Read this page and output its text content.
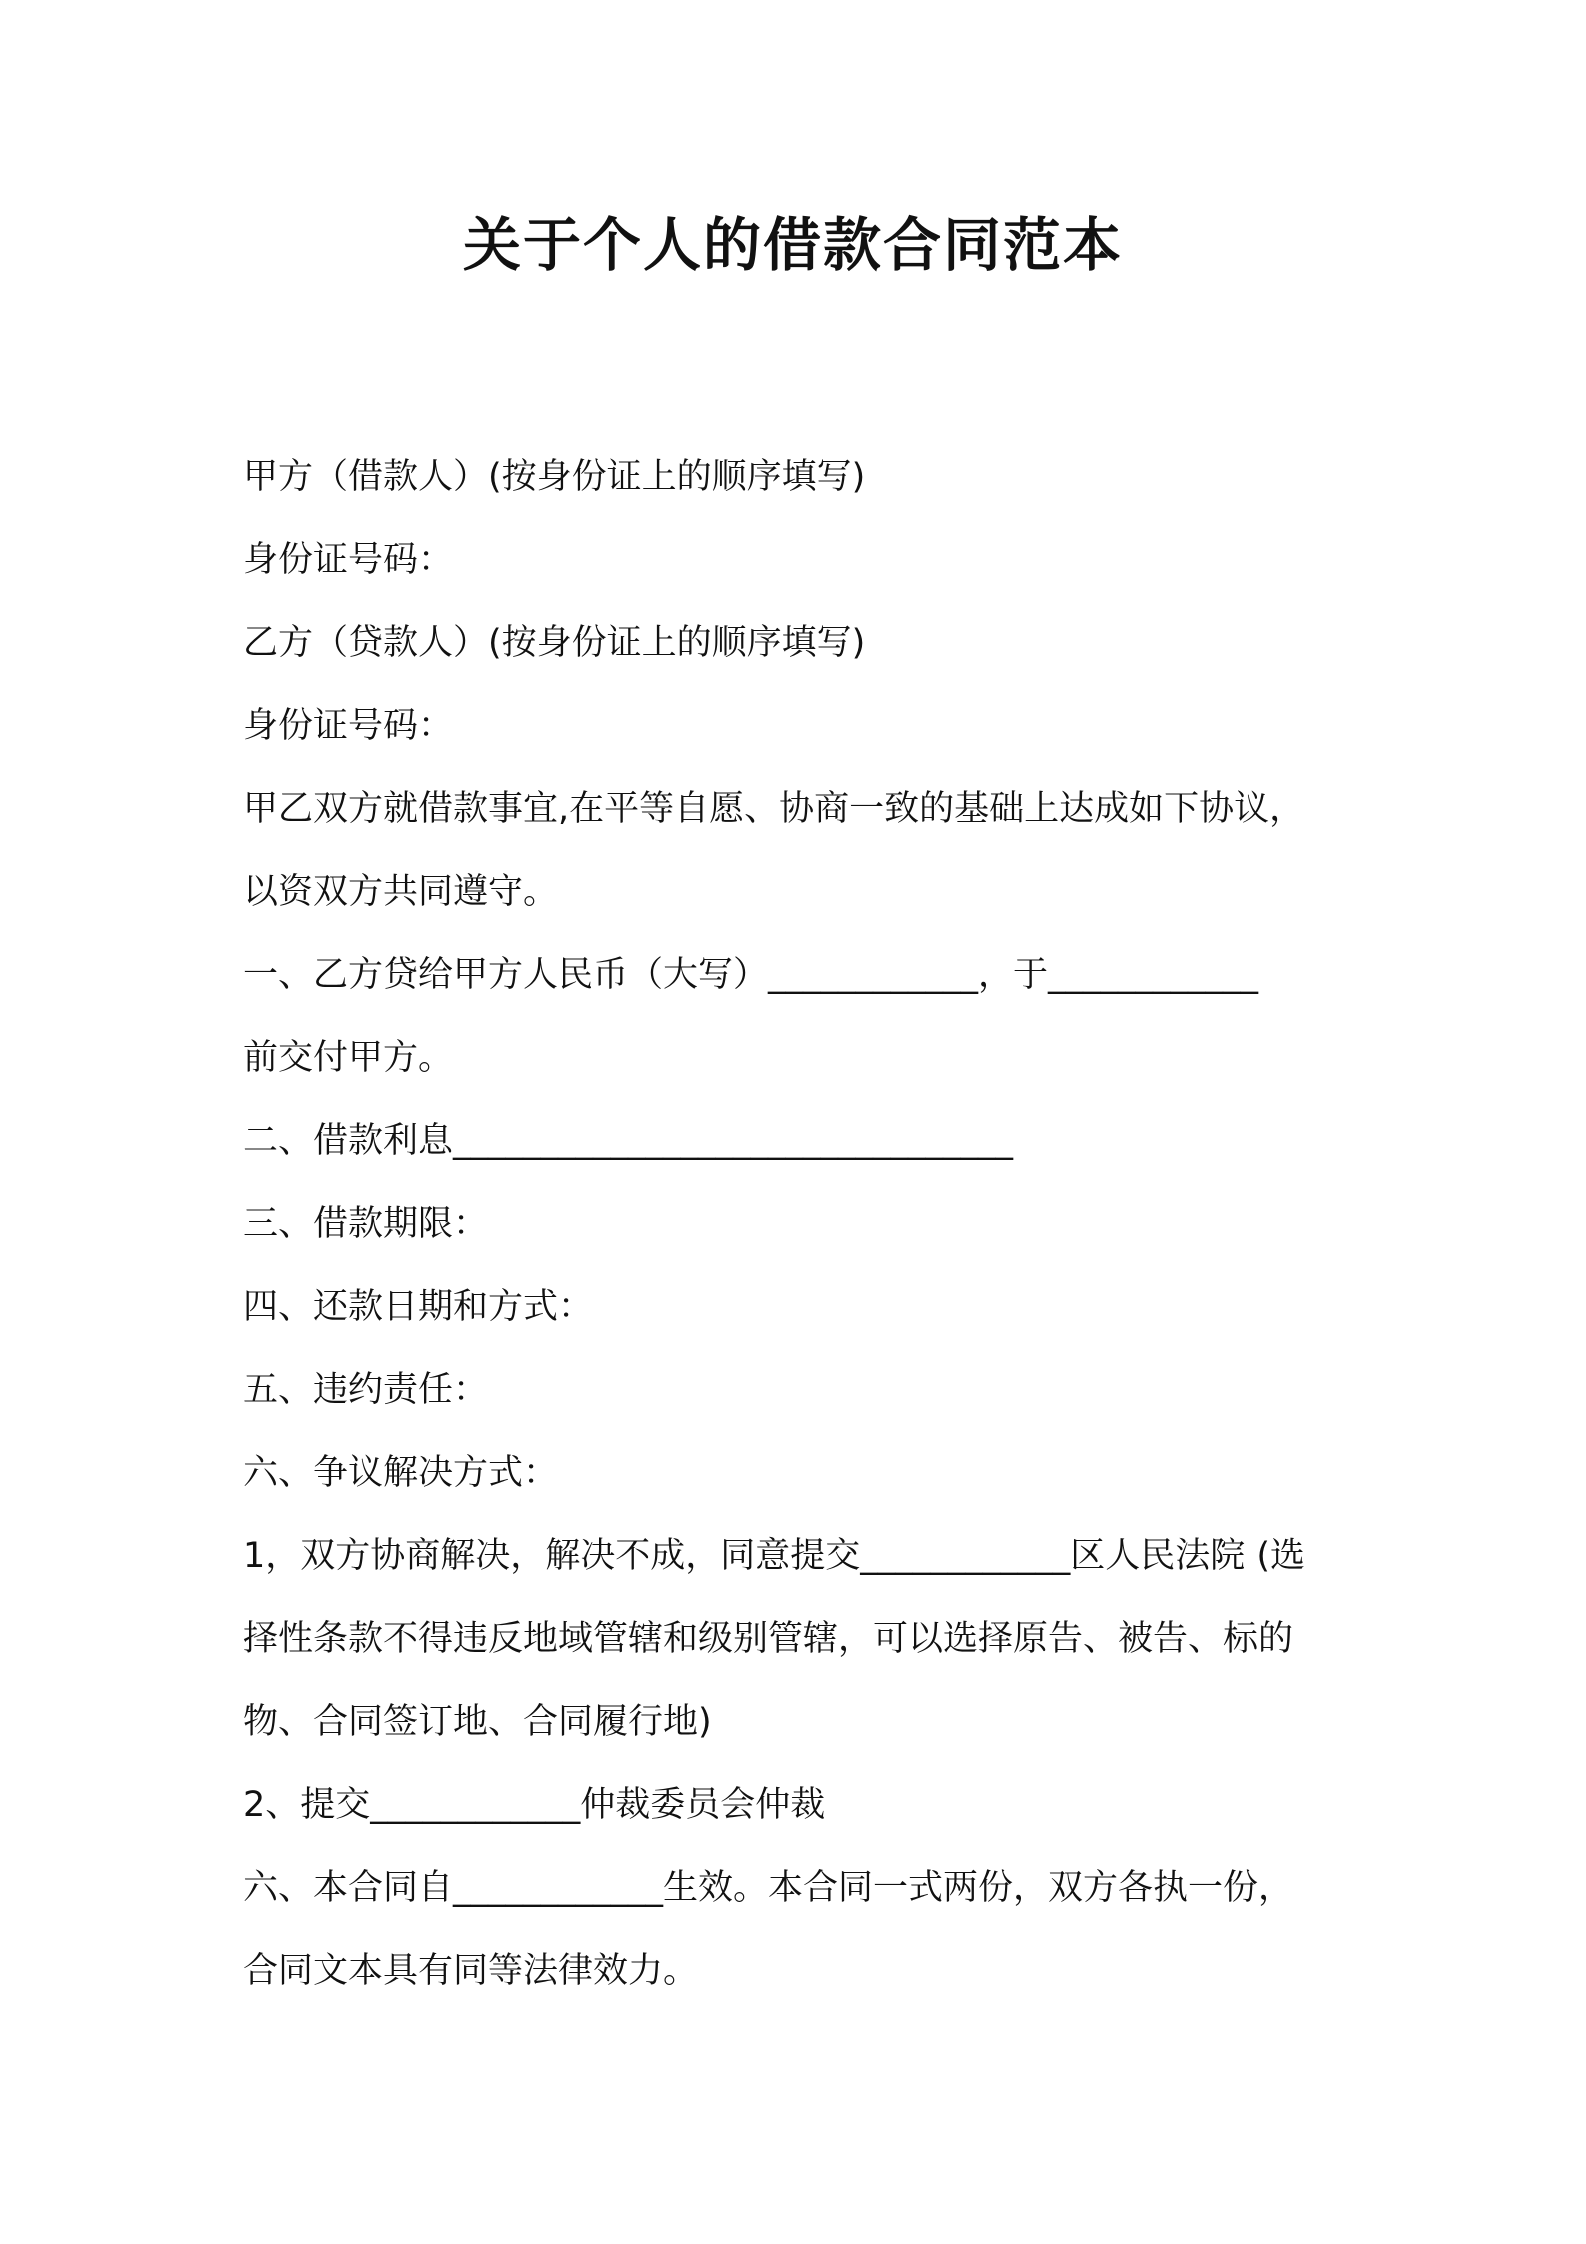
关于个人的借款合同范本
甲方（借款人）(按身份证上的顺序填写)
身份证号码：
乙方（贷款人）(按身份证上的顺序填写)
身份证号码：
甲乙双方就借款事宜,在平等自愿、协商一致的基础上达成如下协议，
以资双方共同遵守。
一、乙方贷给甲方人民币（大写）____________，于____________
前交付甲方。
二、借款利息________________________________
三、借款期限：
四、还款日期和方式：
五、违约责任：
六、争议解决方式：
1，双方协商解决，解决不成，同意提交____________区人民法院 (选
择性条款不得违反地域管辖和级别管辖，可以选择原告、被告、标的
物、合同签订地、合同履行地)
2、提交____________仲裁委员会仲裁
六、本合同自____________生效。本合同一式两份，双方各执一份，
合同文本具有同等法律效力。
